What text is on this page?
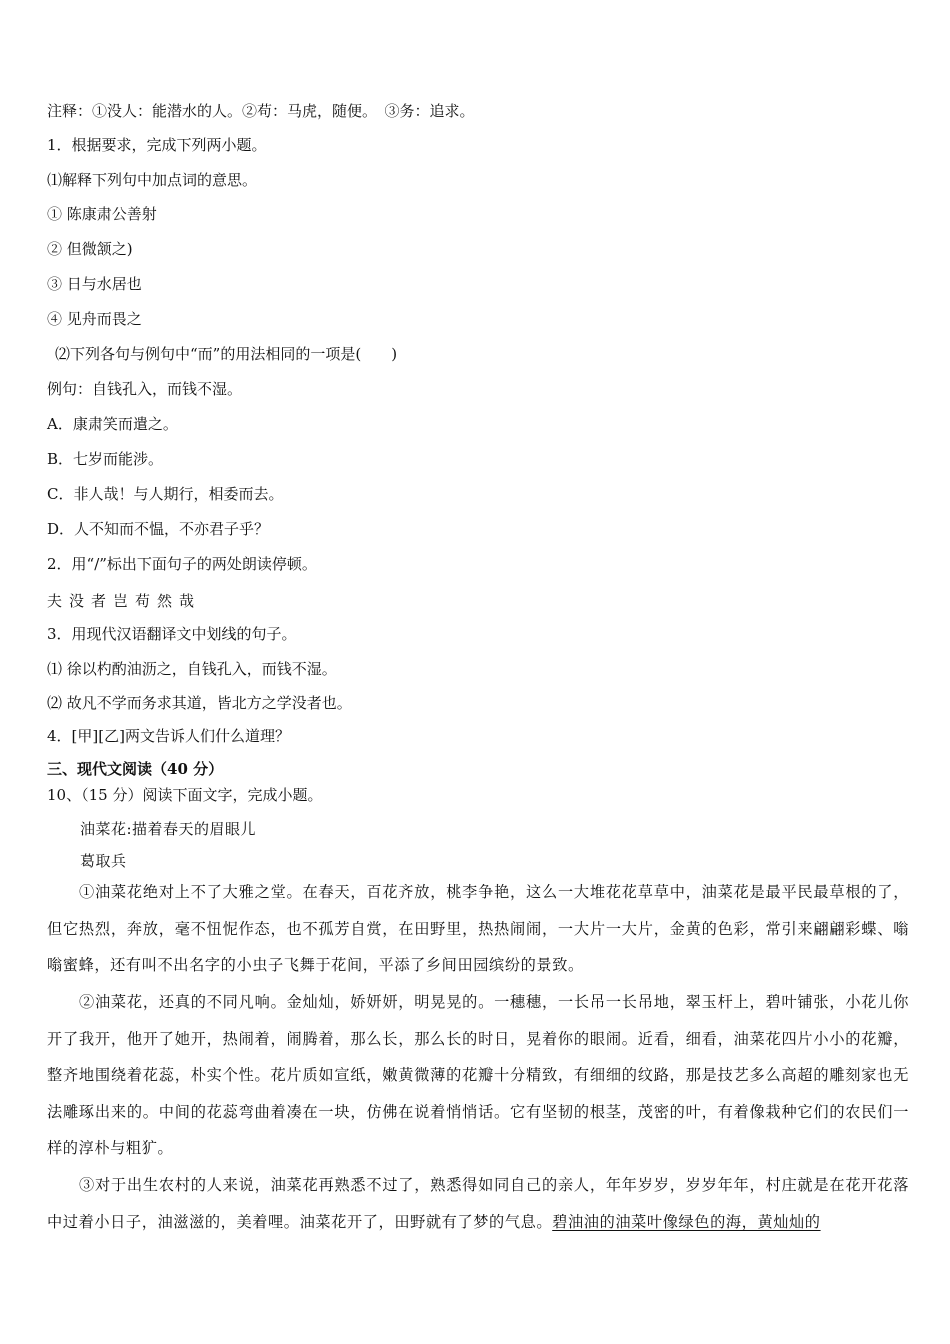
注释：①没人：能潜水的人。②苟：马虎，随便。　③务：追求。
1．根据要求，完成下列两小题。
⑴解释下列句中加点词的意思。
① 陈康肃公善射
② 但微颔之)
③ 日与水居也
④ 见舟而畏之
⑵下列各句与例句中“而”的用法相同的一项是(　　)
例句：自钱孔入，而钱不湿。
A．康肃笑而遣之。
B．七岁而能涉。
C．非人哉！与人期行，相委而去。
D．人不知而不愠，不亦君子乎？
2．用“/”标出下面句子的两处朗读停顿。
夫没者岂苟然哉
3．用现代汉语翻译文中划线的句子。
⑴ 徐以杓酌油沥之，自钱孔入，而钱不湿。
⑵ 故凡不学而务求其道，皆北方之学没者也。
4．[甲][乙]两文告诉人们什么道理？
三、现代文阅读（40 分）
10、（15 分）阅读下面文字，完成小题。
油菜花:描着春天的眉眼儿
葛取兵

①油菜花绝对上不了大雅之堂。在春天，百花齐放，桃李争艳，这么一大堆花花草草中，油菜花是最平民最草根的了，但它热烈，奔放，毫不忸怩作态，也不孤芳自赏，在田野里，热热闹闹，一大片一大片，金黄的色彩，常引来翩翩彩蝶、嗡嗡蜜蜂，还有叫不出名字的小虫子飞舞于花间，平添了乡间田园缤纷的景致。

②油菜花，还真的不同凡响。金灿灿，娇妍妍，明晃晃的。一穗穗，一长吊一长吊地，翠玉杆上，碧叶铺张，小花儿你开了我开，他开了她开，热闹着，闹腾着，那么长，那么长的时日，晃着你的眼闹。近看，细看，油菜花四片小小的花瓣，整齐地围绕着花蕊，朴实个性。花片质如宣纸，嫩黄微薄的花瓣十分精致，有细细的纹路，那是技艺多么高超的雕刻家也无法雕琢出来的。中间的花蕊弯曲着凑在一块，仿佛在说着悄悄话。它有坚韧的根茎，茂密的叶，有着像栽种它们的农民们一样的淳朴与粗犷。

③对于出生农村的人来说，油菜花再熟悉不过了，熟悉得如同自己的亲人，年年岁岁，岁岁年年，村庄就是在花开花落中过着小日子，油滋滋的，美着哩。油菜花开了，田野就有了梦的气息。碧油油的油菜叶像绿色的海，黄灿灿的
